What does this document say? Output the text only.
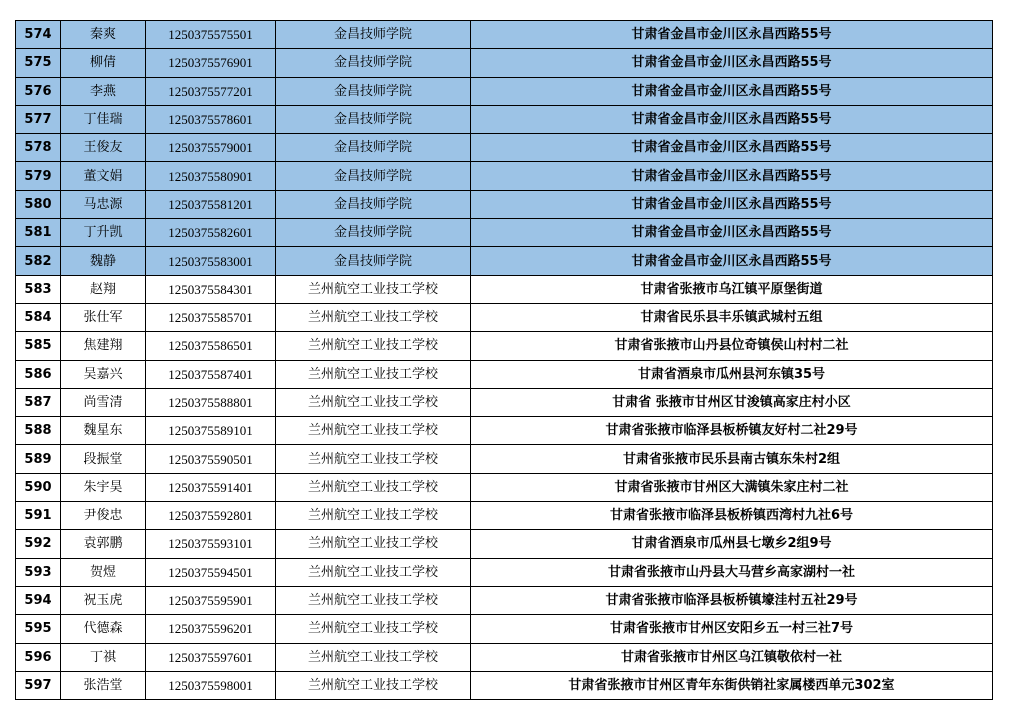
574	秦爽	1250375575501	金昌技师学院	甘肃省金昌市金川区永昌西路55号
575	柳倩	1250375576901	金昌技师学院	甘肃省金昌市金川区永昌西路55号
576	李燕	1250375577201	金昌技师学院	甘肃省金昌市金川区永昌西路55号
577	丁佳瑞	1250375578601	金昌技师学院	甘肃省金昌市金川区永昌西路55号
578	王俊友	1250375579001	金昌技师学院	甘肃省金昌市金川区永昌西路55号
579	董文娟	1250375580901	金昌技师学院	甘肃省金昌市金川区永昌西路55号
580	马忠源	1250375581201	金昌技师学院	甘肃省金昌市金川区永昌西路55号
581	丁升凯	1250375582601	金昌技师学院	甘肃省金昌市金川区永昌西路55号
582	魏静	1250375583001	金昌技师学院	甘肃省金昌市金川区永昌西路55号
583	赵翔	1250375584301	兰州航空工业技工学校	甘肃省张掖市乌江镇平原堡街道
584	张仕军	1250375585701	兰州航空工业技工学校	甘肃省民乐县丰乐镇武城村五组
585	焦建翔	1250375586501	兰州航空工业技工学校	甘肃省张掖市山丹县位奇镇侯山村村二社
586	吴嘉兴	1250375587401	兰州航空工业技工学校	甘肃省酒泉市瓜州县河东镇35号
587	尚雪清	1250375588801	兰州航空工业技工学校	甘肃省 张掖市甘州区甘浚镇高家庄村小区
588	魏星东	1250375589101	兰州航空工业技工学校	甘肃省张掖市临泽县板桥镇友好村二社29号
589	段振堂	1250375590501	兰州航空工业技工学校	甘肃省张掖市民乐县南古镇东朱村2组
590	朱宇昊	1250375591401	兰州航空工业技工学校	甘肃省张掖市甘州区大满镇朱家庄村二社
591	尹俊忠	1250375592801	兰州航空工业技工学校	甘肃省张掖市临泽县板桥镇西湾村九社6号
592	袁郭鹏	1250375593101	兰州航空工业技工学校	甘肃省酒泉市瓜州县七墩乡2组9号
593	贺煜	1250375594501	兰州航空工业技工学校	甘肃省张掖市山丹县大马营乡高家湖村一社
594	祝玉虎	1250375595901	兰州航空工业技工学校	甘肃省张掖市临泽县板桥镇壕洼村五社29号
595	代德森	1250375596201	兰州航空工业技工学校	甘肃省张掖市甘州区安阳乡五一村三社7号
596	丁祺	1250375597601	兰州航空工业技工学校	甘肃省张掖市甘州区乌江镇敬依村一社
597	张浩堂	1250375598001	兰州航空工业技工学校	甘肃省张掖市甘州区青年东街供销社家属楼西单元302室
